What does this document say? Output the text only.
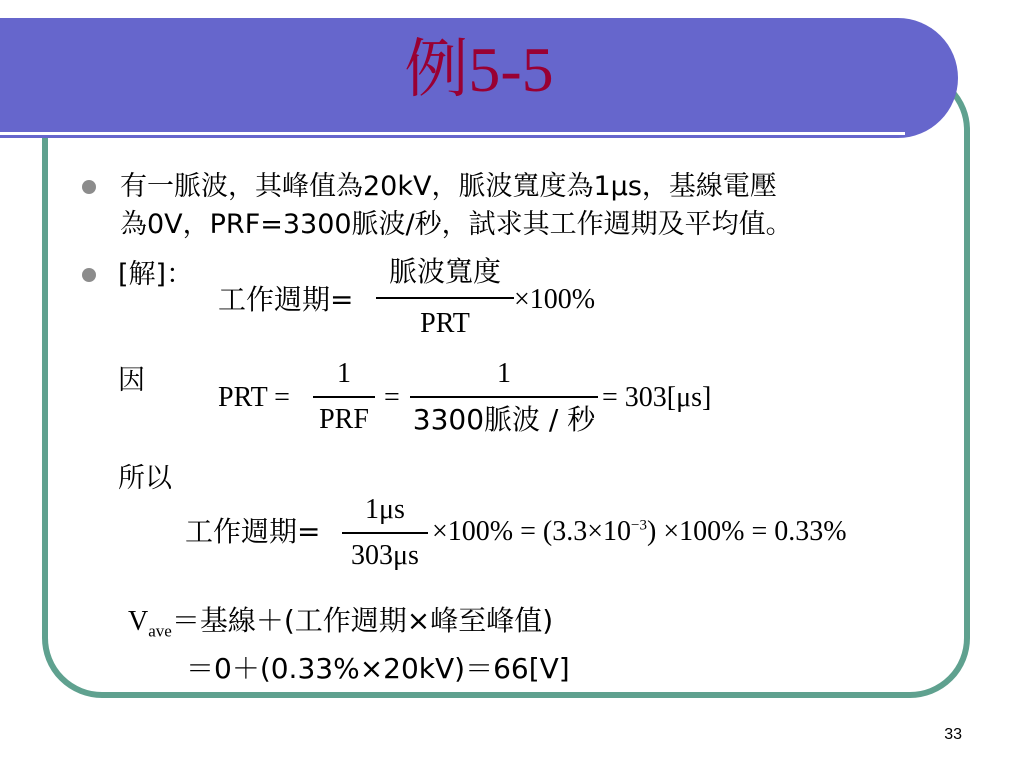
例5-5
有一脈波，其峰值為20kV，脈波寬度為1μs，基線電壓
為0V，PRF=3300脈波/秒，試求其工作週期及平均值。
[解]：
工作週期=
脈波寬度
PRT
×100%
因
PRT =
1
PRF
=
1
3300脈波 / 秒
= 303[μs]
所以
工作週期=
1μs
303μs
$\times 100\% = (3.3\times 10^{-3}) \times 100\% = 0.33\%$
$V_{ave}=$基線＋(工作週期×峰至峰值)
＝0＋(0.33%×20kV)＝66[V]
33
